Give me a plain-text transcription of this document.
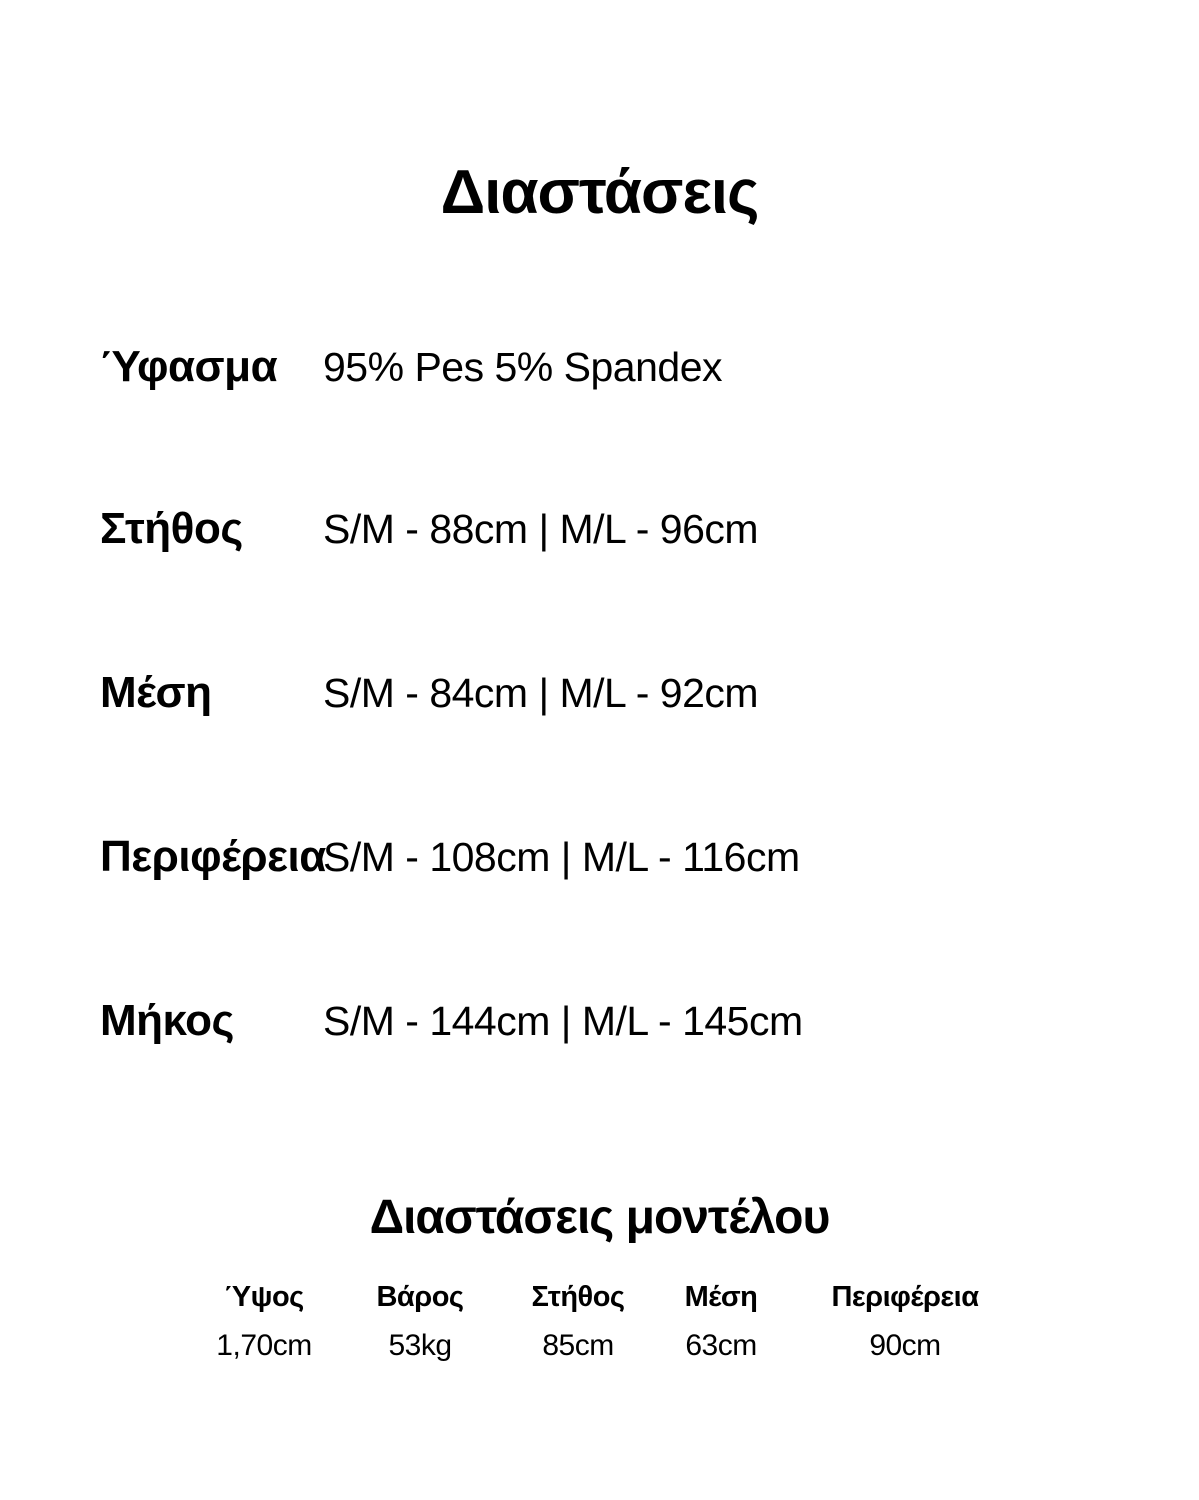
Διαστάσεις
Ύφασμα 95% Pes 5% Spandex
Στήθος S/M - 88cm | M/L - 96cm
Μέση	S/M - 84cm | M/L - 92cm
ΠεριφέρειαS/M - 108cm | M/L - 116cm
Μήκος S/M - 144cm | M/L - 145cm
Διαστάσεις μοντέλου
Ύψος
1,70cm
Βάρος
53kg
Στήθος
85cm
Μέση
63cm
Περιφέρεια
90cm
